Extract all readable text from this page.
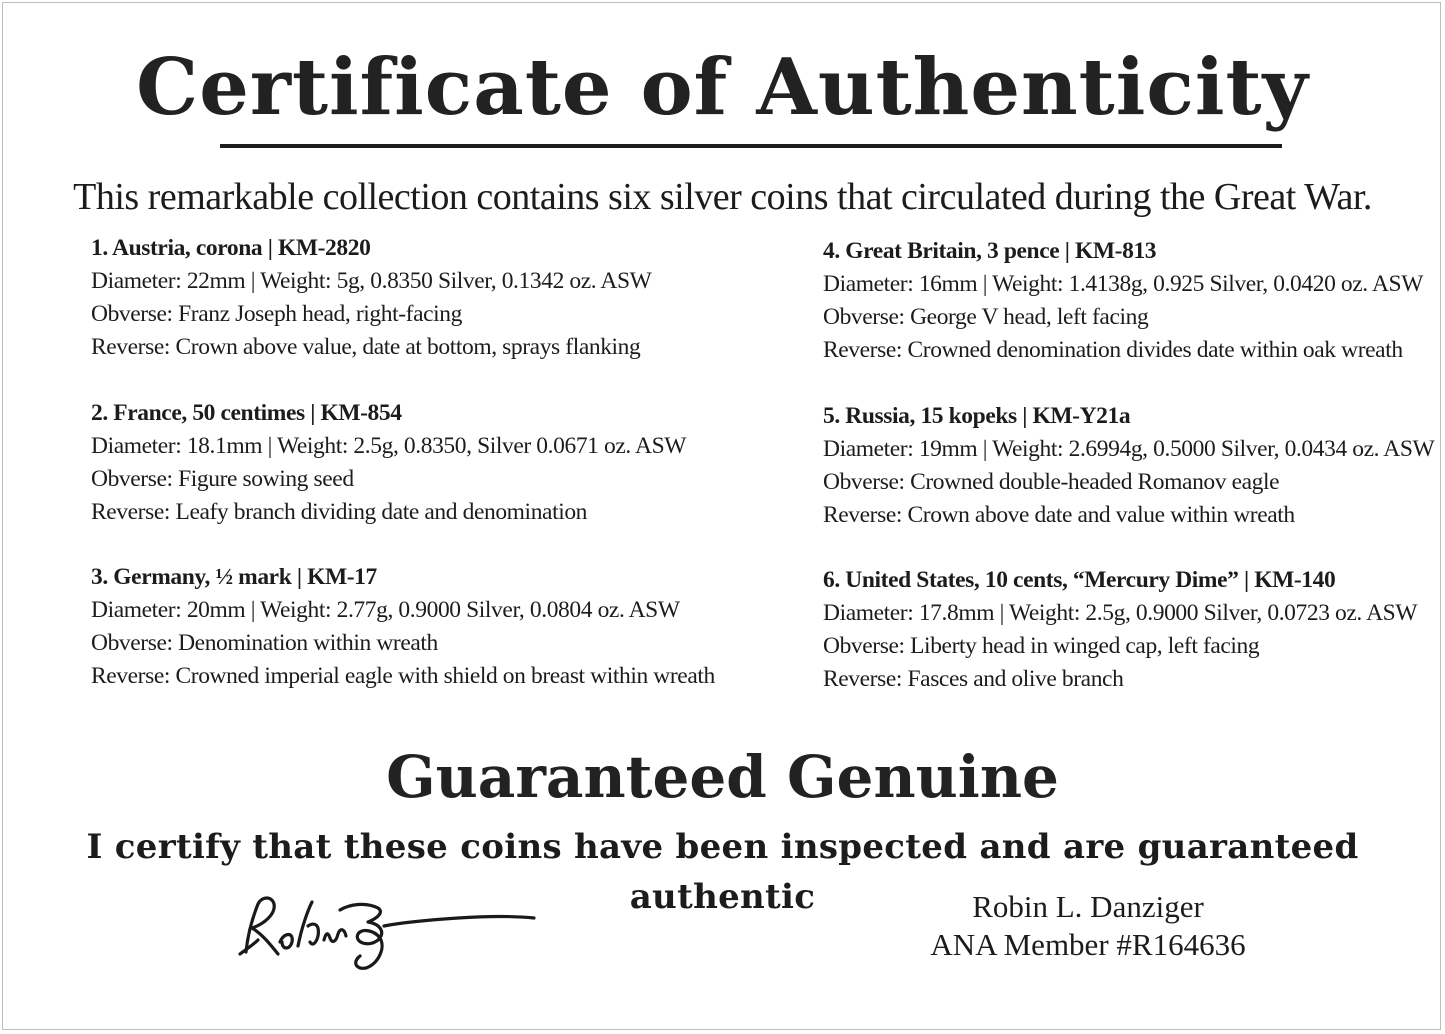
Certificate of Authenticity
This remarkable collection contains six silver coins that circulated during the Great War.
1. Austria, corona | KM-2820
Diameter: 22mm | Weight: 5g, 0.8350 Silver, 0.1342 oz. ASW
Obverse: Franz Joseph head, right-facing
Reverse: Crown above value, date at bottom, sprays flanking
2. France, 50 centimes | KM-854
Diameter: 18.1mm | Weight: 2.5g, 0.8350, Silver 0.0671 oz. ASW
Obverse: Figure sowing seed
Reverse: Leafy branch dividing date and denomination
3. Germany, ½ mark | KM-17
Diameter: 20mm | Weight: 2.77g, 0.9000 Silver, 0.0804 oz. ASW
Obverse: Denomination within wreath
Reverse: Crowned imperial eagle with shield on breast within wreath
4. Great Britain, 3 pence | KM-813
Diameter: 16mm | Weight: 1.4138g, 0.925 Silver, 0.0420 oz. ASW
Obverse: George V head, left facing
Reverse: Crowned denomination divides date within oak wreath
5. Russia, 15 kopeks | KM-Y21a
Diameter: 19mm | Weight: 2.6994g, 0.5000 Silver, 0.0434 oz. ASW
Obverse: Crowned double-headed Romanov eagle
Reverse: Crown above date and value within wreath
6. United States, 10 cents, “Mercury Dime” | KM-140
Diameter: 17.8mm | Weight: 2.5g, 0.9000 Silver, 0.0723 oz. ASW
Obverse: Liberty head in winged cap, left facing
Reverse: Fasces and olive branch
Guaranteed Genuine
I certify that these coins have been inspected and are guaranteed authentic	Robin L. Danziger
ANA Member #R164636
